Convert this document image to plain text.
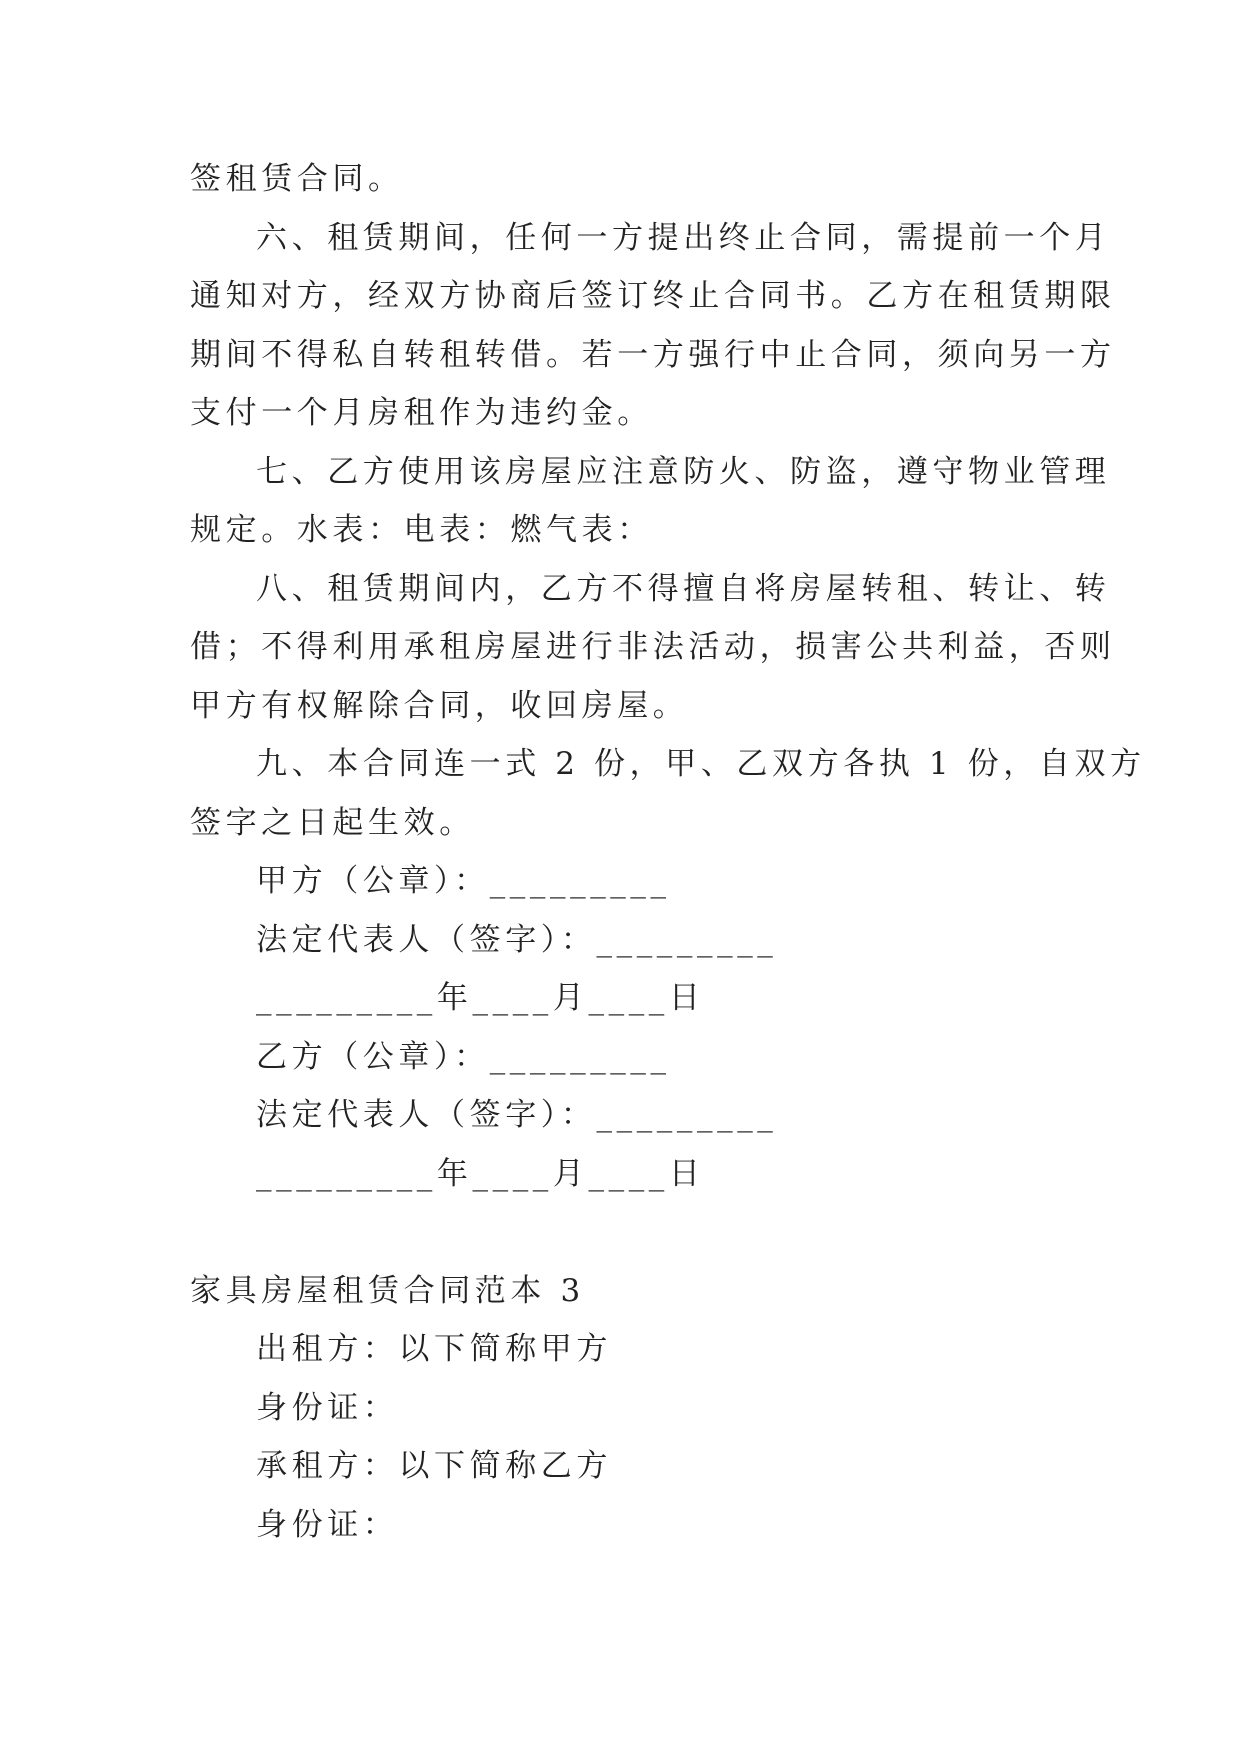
签租赁合同。
六、租赁期间，任何一方提出终止合同，需提前一个月
通知对方，经双方协商后签订终止合同书。乙方在租赁期限
期间不得私自转租转借。若一方强行中止合同，须向另一方
支付一个月房租作为违约金。
七、乙方使用该房屋应注意防火、防盗，遵守物业管理
规定。水表：电表：燃气表：
八、租赁期间内，乙方不得擅自将房屋转租、转让、转
借；不得利用承租房屋进行非法活动，损害公共利益，否则
甲方有权解除合同，收回房屋。
九、本合同连一式 2 份，甲、乙双方各执 1 份，自双方
签字之日起生效。
甲方（公章）：_________
法定代表人（签字）：_________
_________年____月____日
乙方（公章）：_________
法定代表人（签字）：_________
_________年____月____日
家具房屋租赁合同范本 3
出租方：以下简称甲方
身份证：
承租方：以下简称乙方
身份证：
